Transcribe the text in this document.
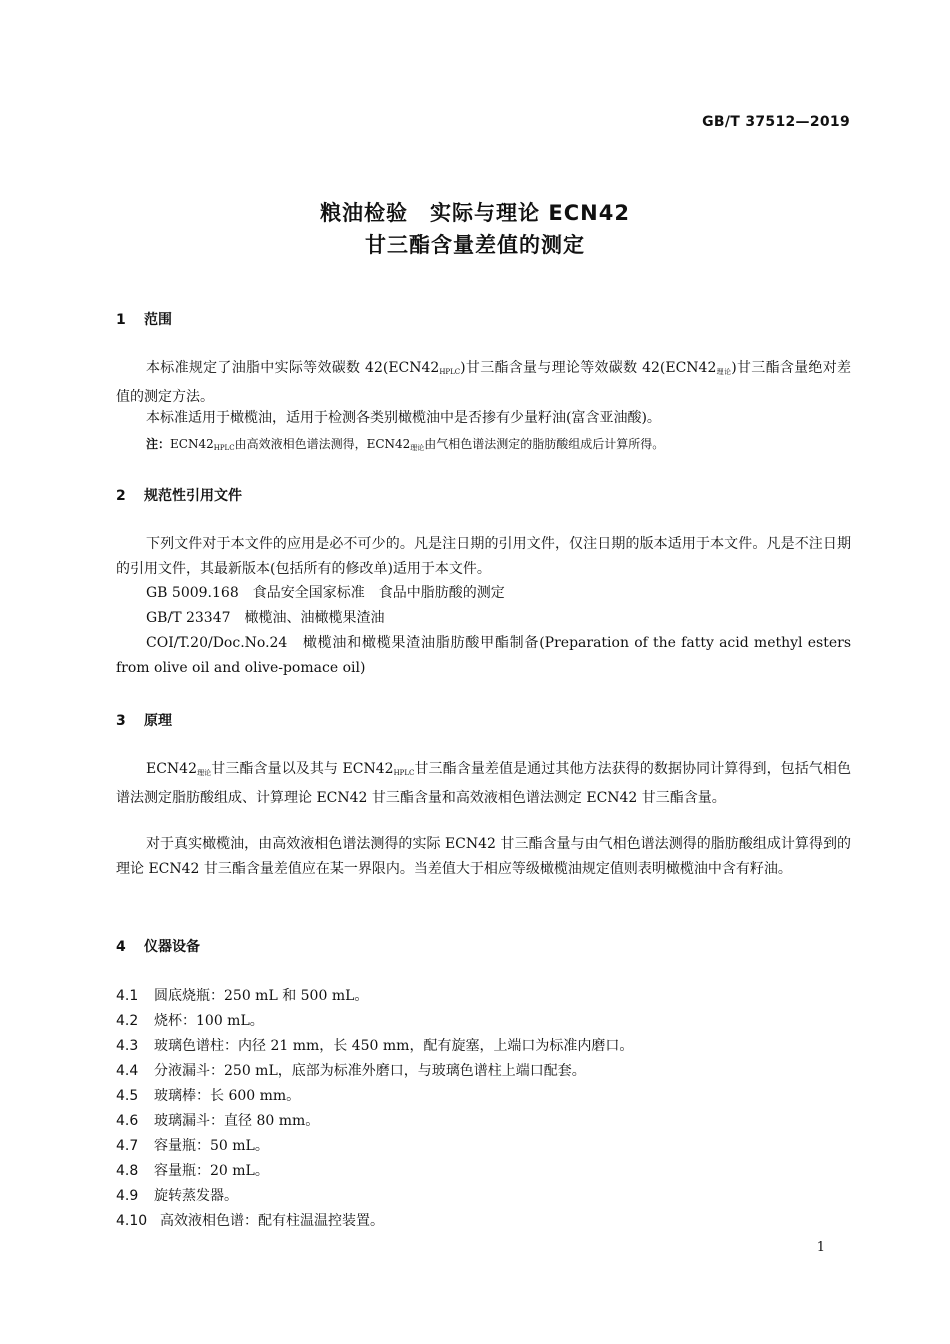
GB/T 37512—2019
粮油检验　实际与理论 ECN42
甘三酯含量差值的测定
1 范围
本标准规定了油脂中实际等效碳数 $42(ECN42_{HPLC})$甘三酯含量与理论等效碳数 $42(ECN42_{理论})$甘三酯含量绝对差值的测定方法。
本标准适用于橄榄油，适用于检测各类别橄榄油中是否掺有少量籽油(富含亚油酸)。
注：$ECN42_{HPLC}$由高效液相色谱法测得，$ECN42_{理论}$由气相色谱法测定的脂肪酸组成后计算所得。
2 规范性引用文件
下列文件对于本文件的应用是必不可少的。凡是注日期的引用文件，仅注日期的版本适用于本文件。凡是不注日期的引用文件，其最新版本(包括所有的修改单)适用于本文件。
GB 5009.168　食品安全国家标准　食品中脂肪酸的测定
GB/T 23347　橄榄油、油橄榄果渣油
COI/T.20/Doc.No.24　橄榄油和橄榄果渣油脂肪酸甲酯制备(Preparation of the fatty acid methyl esters from olive oil and olive-pomace oil)
3 原理
$ECN42_{理论}$甘三酯含量以及其与 $ECN42_{HPLC}$甘三酯含量差值是通过其他方法获得的数据协同计算得到，包括气相色谱法测定脂肪酸组成、计算理论 ECN42 甘三酯含量和高效液相色谱法测定 ECN42 甘三酯含量。
对于真实橄榄油，由高效液相色谱法测得的实际 ECN42 甘三酯含量与由气相色谱法测得的脂肪酸组成计算得到的理论 ECN42 甘三酯含量差值应在某一界限内。当差值大于相应等级橄榄油规定值则表明橄榄油中含有籽油。
4 仪器设备
4.1 圆底烧瓶：250 mL 和 500 mL。
4.2 烧杯：100 mL。
4.3 玻璃色谱柱：内径 21 mm，长 450 mm，配有旋塞，上端口为标准内磨口。
4.4 分液漏斗：250 mL，底部为标准外磨口，与玻璃色谱柱上端口配套。
4.5 玻璃棒：长 600 mm。
4.6 玻璃漏斗：直径 80 mm。
4.7 容量瓶：50 mL。
4.8 容量瓶：20 mL。
4.9 旋转蒸发器。
4.10 高效液相色谱：配有柱温温控装置。
1
